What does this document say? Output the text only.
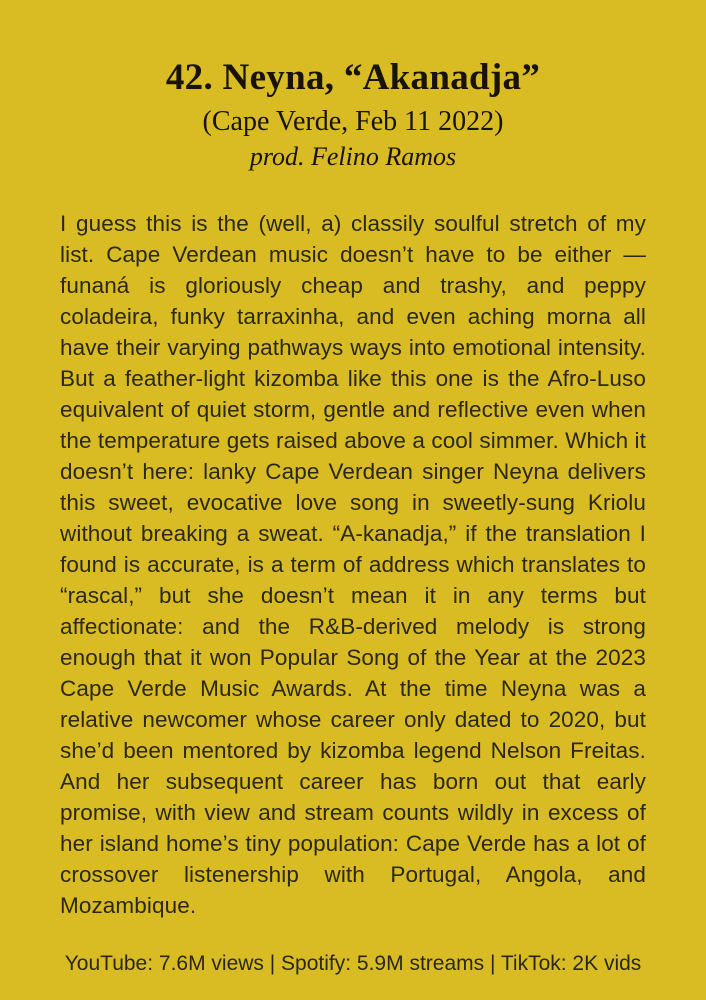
42. Neyna, “Akanadja”
(Cape Verde, Feb 11 2022)
prod. Felino Ramos

I guess this is the (well, a) classily soulful stretch of my list. Cape Verdean music doesn’t have to be either — funaná is gloriously cheap and trashy, and peppy coladeira, funky tarraxinha, and even aching morna all have their varying pathways ways into emotional intensity. But a feather-light kizomba like this one is the Afro-Luso equivalent of quiet storm, gentle and reflective even when the temperature gets raised above a cool simmer. Which it doesn’t here: lanky Cape Verdean singer Neyna delivers this sweet, evocative love song in sweetly-sung Kriolu without breaking a sweat. “A-kanadja,” if the translation I found is accurate, is a term of address which translates to “rascal,” but she doesn’t mean it in any terms but affectionate: and the R&B-derived melody is strong enough that it won Popular Song of the Year at the 2023 Cape Verde Music Awards. At the time Neyna was a relative newcomer whose career only dated to 2020, but she’d been mentored by kizomba legend Nelson Freitas. And her subsequent career has born out that early promise, with view and stream counts wildly in excess of her island home’s tiny population: Cape Verde has a lot of crossover listenership with Portugal, Angola, and Mozambique.

YouTube: 7.6M views | Spotify: 5.9M streams | TikTok: 2K vids
